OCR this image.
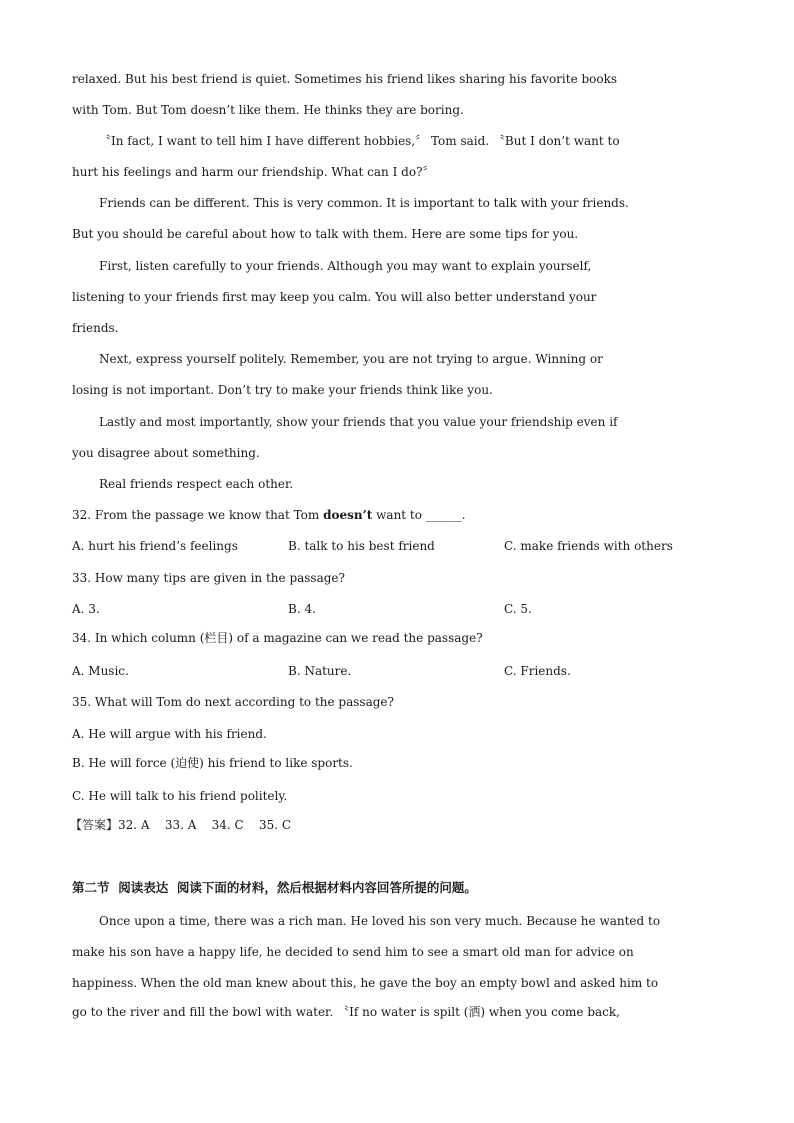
relaxed. But his best friend is quiet. Sometimes his friend likes sharing his favorite books
with Tom. But Tom doesn’t like them. He thinks they are boring.
〝In fact, I want to tell him I have different hobbies,〞 Tom said. 〝But I don’t want to
hurt his feelings and harm our friendship. What can I do?〞
Friends can be different. This is very common. It is important to talk with your friends.
But you should be careful about how to talk with them. Here are some tips for you.
First, listen carefully to your friends. Although you may want to explain yourself,
listening to your friends first may keep you calm. You will also better understand your
friends.
Next, express yourself politely. Remember, you are not trying to argue. Winning or
losing is not important. Don’t try to make your friends think like you.
Lastly and most importantly, show your friends that you value your friendship even if
you disagree about something.
Real friends respect each other.
32. From the passage we know that Tom doesn’t want to ______.
A. hurt his friend’s feelings	B. talk to his best friend	C. make friends with others
33. How many tips are given in the passage?
A. 3.	B. 4.	C. 5.
34. In which column (栏目) of a magazine can we read the passage?
A. Music.	B. Nature.	C. Friends.
35. What will Tom do next according to the passage?
A. He will argue with his friend.
B. He will force (迫使) his friend to like sports.
C. He will talk to his friend politely.
【答案】32. A    33. A    34. C    35. C
第二节  阅读表达  阅读下面的材料，然后根据材料内容回答所提的问题。
Once upon a time, there was a rich man. He loved his son very much. Because he wanted to
make his son have a happy life, he decided to send him to see a smart old man for advice on
happiness. When the old man knew about this, he gave the boy an empty bowl and asked him to
go to the river and fill the bowl with water. 〝If no water is spilt (洒) when you come back,
